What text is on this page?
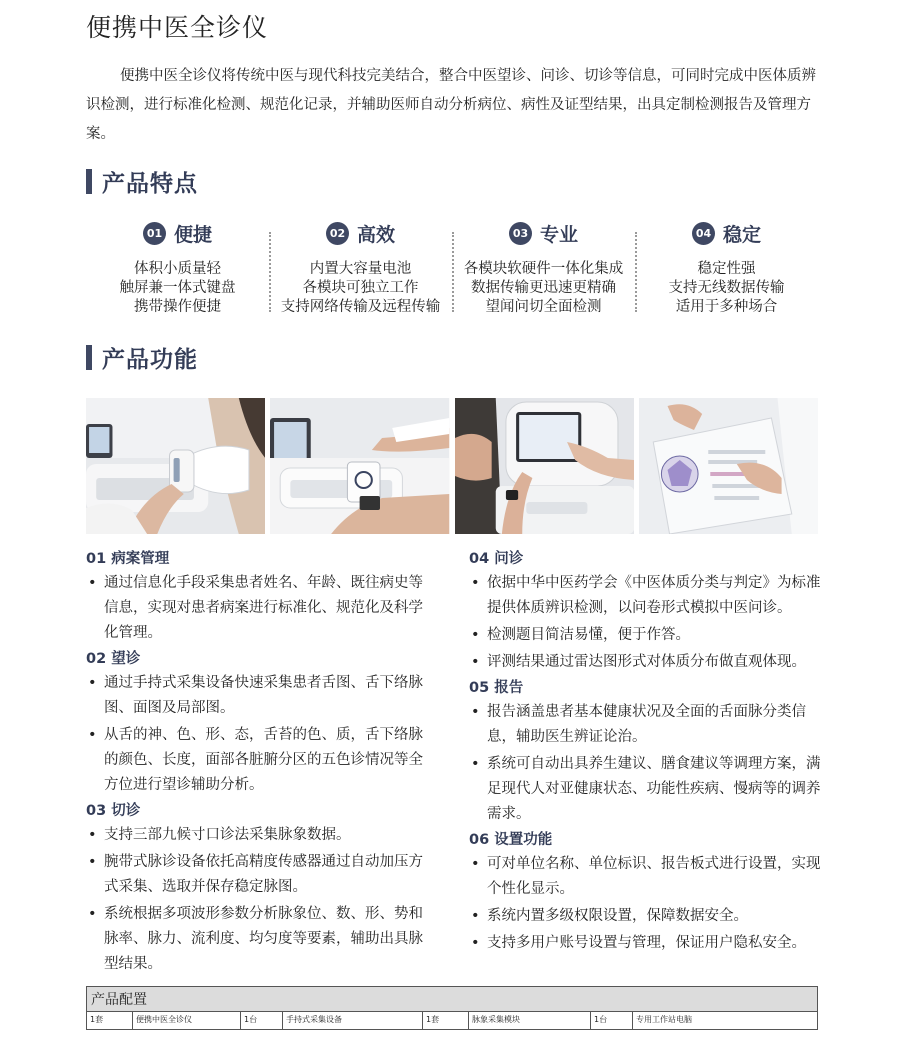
便携中医全诊仪

便携中医全诊仪将传统中医与现代科技完美结合，整合中医望诊、问诊、切诊等信息，可同时完成中医体质辨识检测，进行标准化检测、规范化记录，并辅助医师自动分析病位、病性及证型结果，出具定制检测报告及管理方案。

产品特点
01 便捷
体积小质量轻
触屏兼一体式键盘
携带操作便捷
02 高效
内置大容量电池
各模块可独立工作
支持网络传输及远程传输
03 专业
各模块软硬件一体化集成
数据传输更迅速更精确
望闻问切全面检测
04 稳定
稳定性强
支持无线数据传输
适用于多种场合
产品功能
01 病案管理
• 通过信息化手段采集患者姓名、年龄、既往病史等信息，实现对患者病案进行标准化、规范化及科学化管理。
02 望诊
• 通过手持式采集设备快速采集患者舌图、舌下络脉图、面图及局部图。
• 从舌的神、色、形、态，舌苔的色、质，舌下络脉的颜色、长度，面部各脏腑分区的五色诊情况等全方位进行望诊辅助分析。
03 切诊
• 支持三部九候寸口诊法采集脉象数据。
• 腕带式脉诊设备依托高精度传感器通过自动加压方式采集、选取并保存稳定脉图。
• 系统根据多项波形参数分析脉象位、数、形、势和脉率、脉力、流利度、均匀度等要素，辅助出具脉型结果。
04 问诊
• 依据中华中医药学会《中医体质分类与判定》为标准提供体质辨识检测，以问卷形式模拟中医问诊。
• 检测题目简洁易懂，便于作答。
• 评测结果通过雷达图形式对体质分布做直观体现。
05 报告
• 报告涵盖患者基本健康状况及全面的舌面脉分类信息，辅助医生辨证论治。
• 系统可自动出具养生建议、膳食建议等调理方案，满足现代人对亚健康状态、功能性疾病、慢病等的调养需求。
06 设置功能
• 可对单位名称、单位标识、报告板式进行设置，实现个性化显示。
• 系统内置多级权限设置，保障数据安全。
• 支持多用户账号设置与管理，保证用户隐私安全。
产品配置
1套	便携中医全诊仪	1台	手持式采集设备	1套	脉象采集模块	1台	专用工作站电脑
